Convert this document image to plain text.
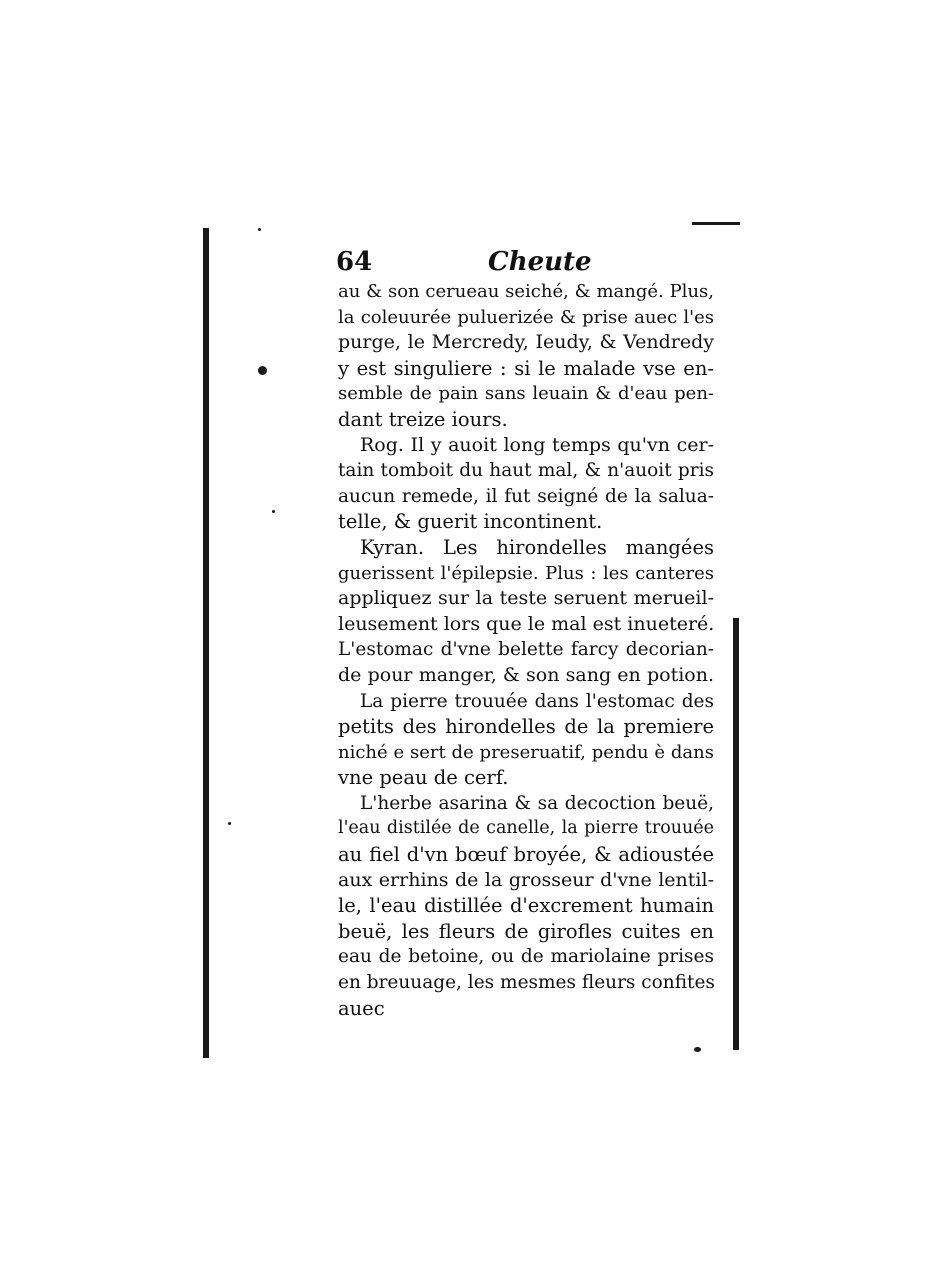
64	Cheute
au & son cerueau seiché, & mangé. Plus,
la coleuurée puluerizée & prise auec l'es
purge, le Mercredy, Ieudy, & Vendredy
y est singuliere : si le malade vse en-
semble de pain sans leuain & d'eau pen-
dant treize iours.
Rog. Il y auoit long temps qu'vn cer-
tain tomboit du haut mal, & n'auoit pris
aucun remede, il fut seigné de la salua-
telle, & guerit incontinent.
Kyran. Les hirondelles mangées
guerissent l'épilepsie. Plus : les canteres
appliquez sur la teste seruent merueil-
leusement lors que le mal est inueteré.
L'estomac d'vne belette farcy decorian-
de pour manger, & son sang en potion.
La pierre trouuée dans l'estomac des
petits des hirondelles de la premiere
niché e sert de preseruatif, pendu è dans
vne peau de cerf.
L'herbe asarina & sa decoction beuë,
l'eau distilée de canelle, la pierre trouuée
au fiel d'vn bœuf broyée, & adioustée
aux errhins de la grosseur d'vne lentil-
le, l'eau distillée d'excrement humain
beuë, les fleurs de girofles cuites en
eau de betoine, ou de mariolaine prises
en breuuage, les mesmes fleurs confites
auec
